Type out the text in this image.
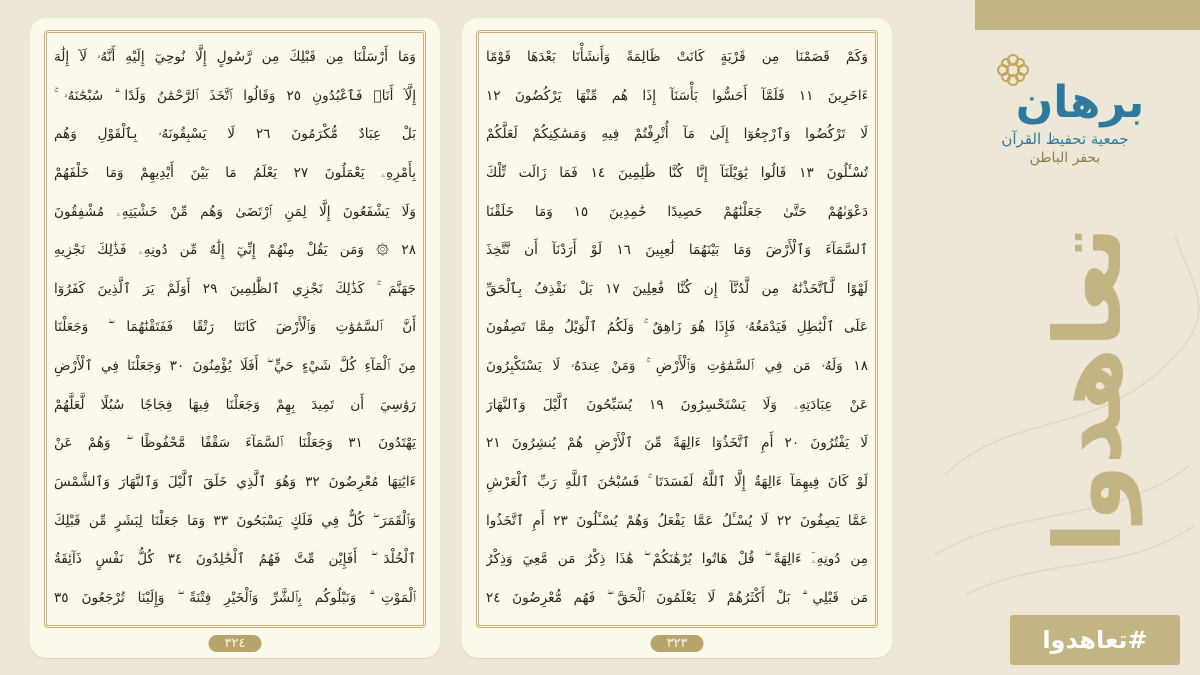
وَمَا أَرْسَلْنَا مِن قَبْلِكَ مِن رَّسُولٍ إِلَّا نُوحِيٓ إِلَيْهِ أَنَّهُۥ لَآ إِلَٰهَ
إِلَّآ أَنَا۠ فَٱعْبُدُونِ ٢٥ وَقَالُوا ٱتَّخَذَ ٱلرَّحْمَٰنُ وَلَدًا ۗ سُبْحَٰنَهُۥ ۚ
بَلْ عِبَادٌ مُّكْرَمُونَ ٢٦ لَا يَسْبِقُونَهُۥ بِٱلْقَوْلِ وَهُم
بِأَمْرِهِۦ يَعْمَلُونَ ٢٧ يَعْلَمُ مَا بَيْنَ أَيْدِيهِمْ وَمَا خَلْفَهُمْ
وَلَا يَشْفَعُونَ إِلَّا لِمَنِ ٱرْتَضَىٰ وَهُم مِّنْ خَشْيَتِهِۦ مُشْفِقُونَ
٢٨ ۞ وَمَن يَقُلْ مِنْهُمْ إِنِّيٓ إِلَٰهٌ مِّن دُونِهِۦ فَذَٰلِكَ نَجْزِيهِ
جَهَنَّمَ ۚ كَذَٰلِكَ نَجْزِي ٱلظَّٰلِمِينَ ٢٩ أَوَلَمْ يَرَ ٱلَّذِينَ كَفَرُوٓا
أَنَّ ٱلسَّمَٰوَٰتِ وَٱلْأَرْضَ كَانَتَا رَتْقًا فَفَتَقْنَٰهُمَا ۖ وَجَعَلْنَا
مِنَ ٱلْمَآءِ كُلَّ شَيْءٍ حَيٍّ ۖ أَفَلَا يُؤْمِنُونَ ٣٠ وَجَعَلْنَا فِي ٱلْأَرْضِ
رَوَٰسِيَ أَن تَمِيدَ بِهِمْ وَجَعَلْنَا فِيهَا فِجَاجًا سُبُلًا لَّعَلَّهُمْ
يَهْتَدُونَ ٣١ وَجَعَلْنَا ٱلسَّمَآءَ سَقْفًا مَّحْفُوظًا ۖ وَهُمْ عَنْ
ءَايَٰتِهَا مُعْرِضُونَ ٣٢ وَهُوَ ٱلَّذِي خَلَقَ ٱلَّيْلَ وَٱلنَّهَارَ وَٱلشَّمْسَ
وَٱلْقَمَرَ ۖ كُلٌّ فِي فَلَكٍ يَسْبَحُونَ ٣٣ وَمَا جَعَلْنَا لِبَشَرٍ مِّن قَبْلِكَ
ٱلْخُلْدَ ۖ أَفَإِيْن مِّتَّ فَهُمُ ٱلْخَٰلِدُونَ ٣٤ كُلُّ نَفْسٍ ذَآئِقَةُ
ٱلْمَوْتِ ۗ وَنَبْلُوكُم بِٱلشَّرِّ وَٱلْخَيْرِ فِتْنَةً ۖ وَإِلَيْنَا تُرْجَعُونَ ٣٥
٣٢٤
وَكَمْ قَصَمْنَا مِن قَرْيَةٍ كَانَتْ ظَالِمَةً وَأَنشَأْنَا بَعْدَهَا قَوْمًا
ءَاخَرِينَ ١١ فَلَمَّآ أَحَسُّوا بَأْسَنَآ إِذَا هُم مِّنْهَا يَرْكُضُونَ ١٢
لَا تَرْكُضُوا وَٱرْجِعُوٓا إِلَىٰ مَآ أُتْرِفْتُمْ فِيهِ وَمَسَٰكِنِكُمْ لَعَلَّكُمْ
تُسْـَٔلُونَ ١٣ قَالُوا يَٰوَيْلَنَآ إِنَّا كُنَّا ظَٰلِمِينَ ١٤ فَمَا زَالَت تِّلْكَ
دَعْوَىٰهُمْ حَتَّىٰ جَعَلْنَٰهُمْ حَصِيدًا خَٰمِدِينَ ١٥ وَمَا خَلَقْنَا
ٱلسَّمَآءَ وَٱلْأَرْضَ وَمَا بَيْنَهُمَا لَٰعِبِينَ ١٦ لَوْ أَرَدْنَآ أَن نَّتَّخِذَ
لَهْوًا لَّٱتَّخَذْنَٰهُ مِن لَّدُنَّآ إِن كُنَّا فَٰعِلِينَ ١٧ بَلْ نَقْذِفُ بِٱلْحَقِّ
عَلَى ٱلْبَٰطِلِ فَيَدْمَغُهُۥ فَإِذَا هُوَ زَاهِقٌ ۚ وَلَكُمُ ٱلْوَيْلُ مِمَّا تَصِفُونَ
١٨ وَلَهُۥ مَن فِي ٱلسَّمَٰوَٰتِ وَٱلْأَرْضِ ۚ وَمَنْ عِندَهُۥ لَا يَسْتَكْبِرُونَ
عَنْ عِبَادَتِهِۦ وَلَا يَسْتَحْسِرُونَ ١٩ يُسَبِّحُونَ ٱلَّيْلَ وَٱلنَّهَارَ
لَا يَفْتُرُونَ ٢٠ أَمِ ٱتَّخَذُوٓا ءَالِهَةً مِّنَ ٱلْأَرْضِ هُمْ يُنشِرُونَ ٢١
لَوْ كَانَ فِيهِمَآ ءَالِهَةٌ إِلَّا ٱللَّهُ لَفَسَدَتَا ۚ فَسُبْحَٰنَ ٱللَّهِ رَبِّ ٱلْعَرْشِ
عَمَّا يَصِفُونَ ٢٢ لَا يُسْـَٔلُ عَمَّا يَفْعَلُ وَهُمْ يُسْـَٔلُونَ ٢٣ أَمِ ٱتَّخَذُوا
مِن دُونِهِۦٓ ءَالِهَةً ۖ قُلْ هَاتُوا بُرْهَٰنَكُمْ ۖ هَٰذَا ذِكْرُ مَن مَّعِيَ وَذِكْرُ
مَن قَبْلِي ۗ بَلْ أَكْثَرُهُمْ لَا يَعْلَمُونَ ٱلْحَقَّ ۖ فَهُم مُّعْرِضُونَ ٢٤
٣٢٣
برهان
جمعية تحفيظ القرآن
بحفر الباطن
تعاهدوا
#تعاهدوا
